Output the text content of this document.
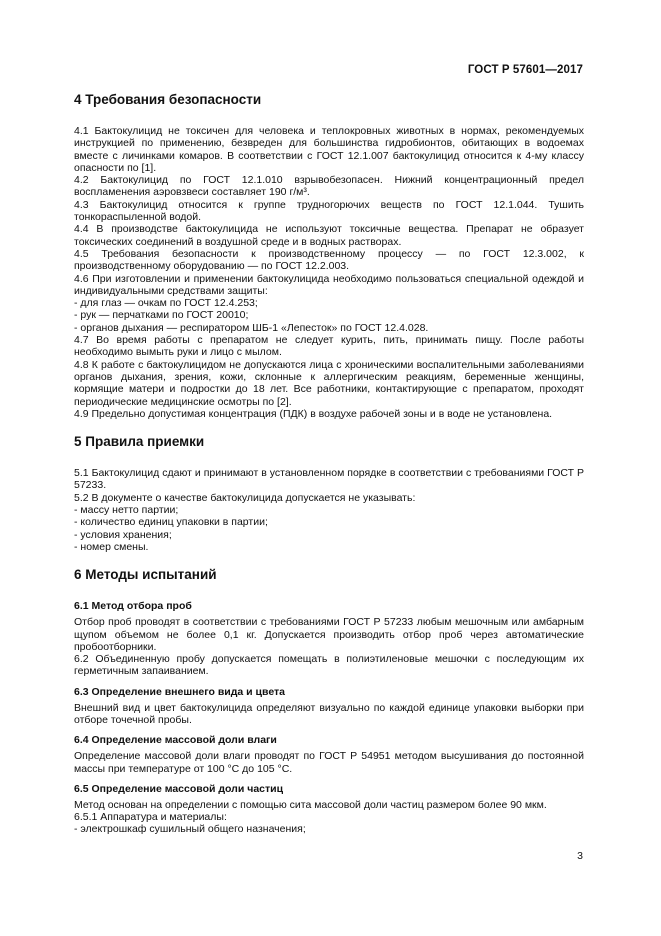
ГОСТ Р 57601—2017
4 Требования безопасности

4.1 Бактокулицид не токсичен для человека и теплокровных животных в нормах, рекомендуемых инструкцией по применению, безвреден для большинства гидробионтов, обитающих в водоемах вместе с личинками комаров. В соответствии с ГОСТ 12.1.007 бактокулицид относится к 4-му классу опасности по [1].

4.2 Бактокулицид по ГОСТ 12.1.010 взрывобезопасен. Нижний концентрационный предел воспламенения аэровзвеси составляет 190 г/м³.

4.3 Бактокулицид относится к группе трудногорючих веществ по ГОСТ 12.1.044. Тушить тонкораспыленной водой.

4.4 В производстве бактокулицида не используют токсичные вещества. Препарат не образует токсических соединений в воздушной среде и в водных растворах.

4.5 Требования безопасности к производственному процессу — по ГОСТ 12.3.002, к производственному оборудованию — по ГОСТ 12.2.003.

4.6 При изготовлении и применении бактокулицида необходимо пользоваться специальной одеждой и индивидуальными средствами защиты:

- для глаз — очкам по ГОСТ 12.4.253;

- рук — перчатками по ГОСТ 20010;

- органов дыхания — респиратором ШБ-1 «Лепесток» по ГОСТ 12.4.028.

4.7 Во время работы с препаратом не следует курить, пить, принимать пищу. После работы необходимо вымыть руки и лицо с мылом.

4.8 К работе с бактокулицидом не допускаются лица с хроническими воспалительными заболеваниями органов дыхания, зрения, кожи, склонные к аллергическим реакциям, беременные женщины, кормящие матери и подростки до 18 лет. Все работники, контактирующие с препаратом, проходят периодические медицинские осмотры по [2].

4.9 Предельно допустимая концентрация (ПДК) в воздухе рабочей зоны и в воде не установлена.

5 Правила приемки

5.1 Бактокулицид сдают и принимают в установленном порядке в соответствии с требованиями ГОСТ Р 57233.

5.2 В документе о качестве бактокулицида допускается не указывать:

- массу нетто партии;

- количество единиц упаковки в партии;

- условия хранения;

- номер смены.

6 Методы испытаний
6.1 Метод отбора проб

Отбор проб проводят в соответствии с требованиями ГОСТ Р 57233 любым мешочным или амбарным щупом объемом не более 0,1 кг. Допускается производить отбор проб через автоматические пробоотборники.

6.2 Объединенную пробу допускается помещать в полиэтиленовые мешочки с последующим их герметичным запаиванием.

6.3 Определение внешнего вида и цвета

Внешний вид и цвет бактокулицида определяют визуально по каждой единице упаковки выборки при отборе точечной пробы.

6.4 Определение массовой доли влаги

Определение массовой доли влаги проводят по ГОСТ Р 54951 методом высушивания до постоянной массы при температуре от 100 °С до 105 °С.

6.5 Определение массовой доли частиц

Метод основан на определении с помощью сита массовой доли частиц размером более 90 мкм.

6.5.1 Аппаратура и материалы:

- электрошкаф сушильный общего назначения;

3
